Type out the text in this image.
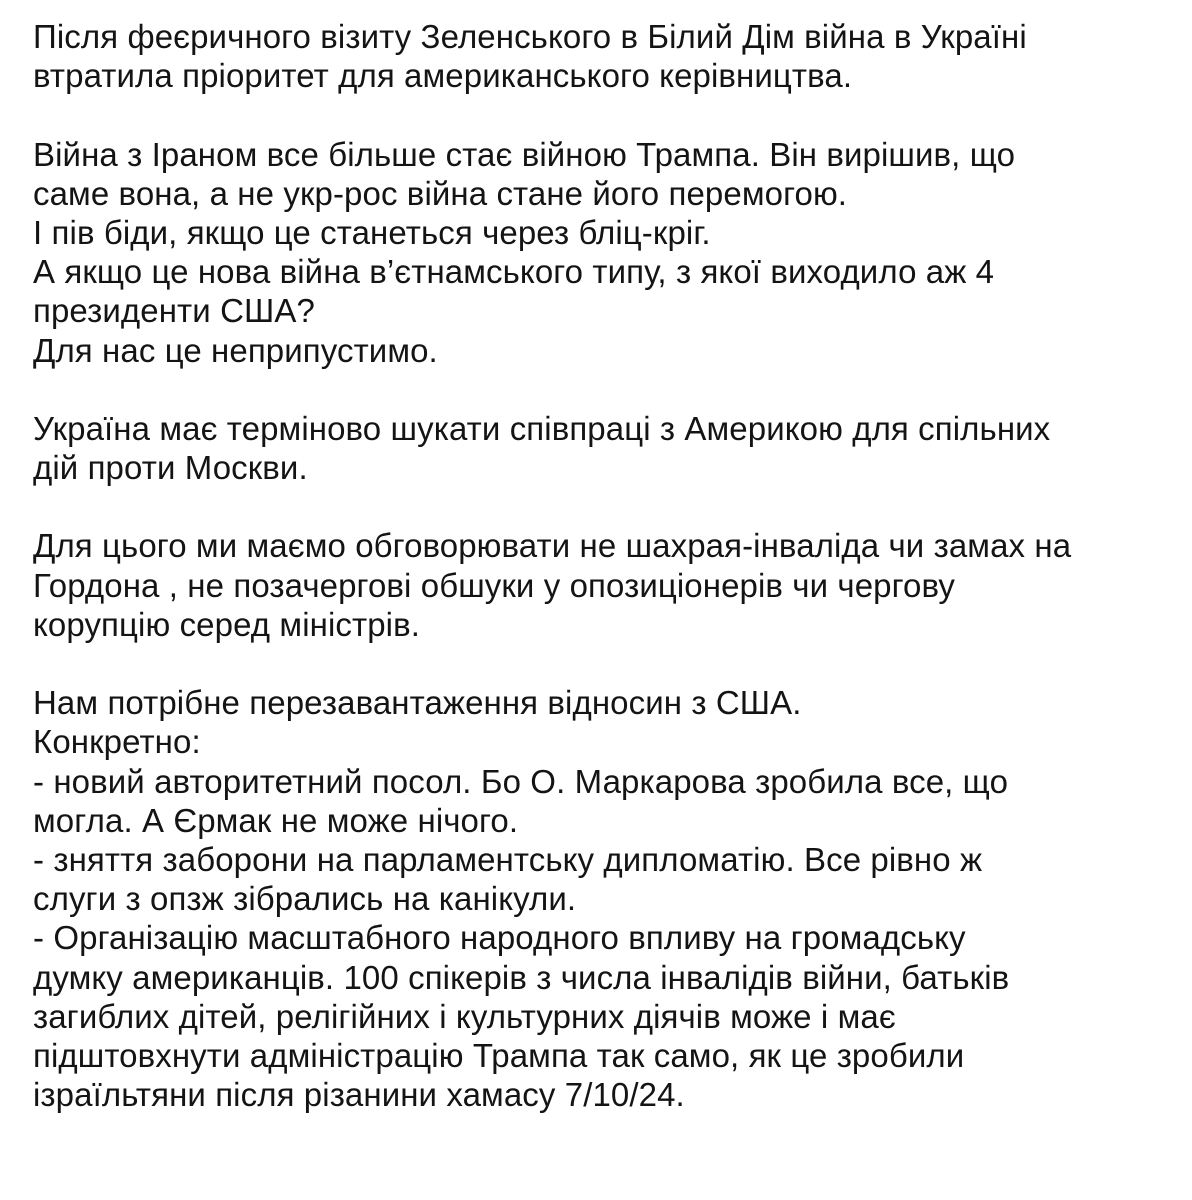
Після феєричного візиту Зеленського в Білий Дім війна в Україні
втратила пріоритет для американського керівництва.
Війна з Іраном все більше стає війною Трампа. Він вирішив, що
саме вона, а не укр-рос війна стане його перемогою.
І пів біди, якщо це станеться через бліц-кріг.
А якщо це нова війна в’єтнамського типу, з якої виходило аж 4
президенти США?
Для нас це неприпустимо.
Україна має терміново шукати співпраці з Америкою для спільних
дій проти Москви.
Для цього ми маємо обговорювати не шахрая-інваліда чи замах на
Гордона , не позачергові обшуки у опозиціонерів чи чергову
корупцію серед міністрів.
Нам потрібне перезавантаження відносин з США.
Конкретно:
- новий авторитетний посол. Бо О. Маркарова зробила все, що
могла. А Єрмак не може нічого.
- зняття заборони на парламентську дипломатію. Все рівно ж
слуги з опзж зібрались на канікули.
- Організацію масштабного народного впливу на громадську
думку американців. 100 спікерів з числа інвалідів війни, батьків
загиблих дітей, релігійних і культурних діячів може і має
підштовхнути адміністрацію Трампа так само, як це зробили
ізраїльтяни після різанини хамасу 7/10/24.
